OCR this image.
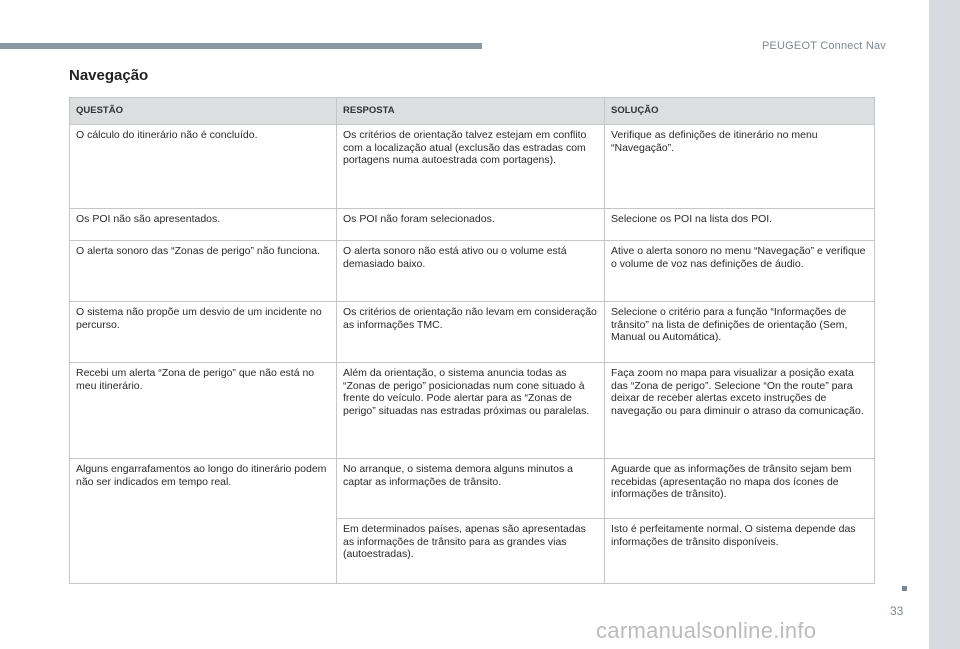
PEUGEOT Connect Nav
Navegação
QUESTÃO	RESPOSTA	SOLUÇÃO
O cálculo do itinerário não é concluído.	Os critérios de orientação talvez estejam em conflito com a localização atual (exclusão das estradas com portagens numa autoestrada com portagens).	Verifique as definições de itinerário no menu “Navegação”.
Os POI não são apresentados.	Os POI não foram selecionados.	Selecione os POI na lista dos POI.
O alerta sonoro das “Zonas de perigo” não funciona.	O alerta sonoro não está ativo ou o volume está demasiado baixo.	Ative o alerta sonoro no menu “Navegação” e verifique o volume de voz nas definições de áudio.
O sistema não propõe um desvio de um incidente no percurso.	Os critérios de orientação não levam em consideração as informações TMC.	Selecione o critério para a função “Informações de trânsito” na lista de definições de orientação (Sem, Manual ou Automática).
Recebi um alerta “Zona de perigo” que não está no meu itinerário.	Além da orientação, o sistema anuncia todas as “Zonas de perigo” posicionadas num cone situado à frente do veículo. Pode alertar para as “Zonas de perigo” situadas nas estradas próximas ou paralelas.	Faça zoom no mapa para visualizar a posição exata das “Zona de perigo”. Selecione “On the route” para deixar de receber alertas exceto instruções de navegação ou para diminuir o atraso da comunicação.
Alguns engarrafamentos ao longo do itinerário podem não ser indicados em tempo real.	No arranque, o sistema demora alguns minutos a captar as informações de trânsito.	Aguarde que as informações de trânsito sejam bem recebidas (apresentação no mapa dos ícones de informações de trânsito).
	Em determinados países, apenas são apresentadas as informações de trânsito para as grandes vias (autoestradas).	Isto é perfeitamente normal. O sistema depende das informações de trânsito disponíveis.
33
carmanualsonline.info
